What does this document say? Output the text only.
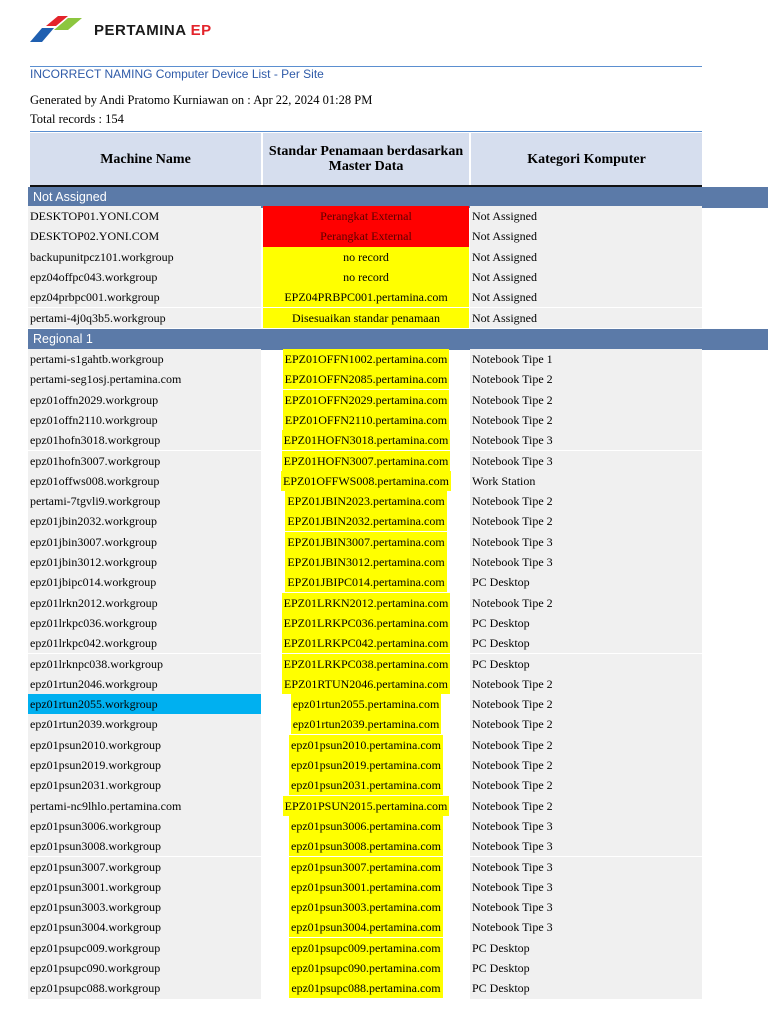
PERTAMINA EP
INCORRECT NAMING Computer Device List - Per Site
Generated by Andi Pratomo Kurniawan on : Apr 22, 2024 01:28 PM
Total records : 154
Machine Name	Standar Penamaan berdasarkan Master Data	Kategori Komputer
Not Assigned
DESKTOP01.YONI.COM	Perangkat External	Not Assigned
DESKTOP02.YONI.COM	Perangkat External	Not Assigned
backupunitpcz101.workgroup	no record	Not Assigned
epz04offpc043.workgroup	no record	Not Assigned
epz04prbpc001.workgroup	EPZ04PRBPC001.pertamina.com	Not Assigned
pertami-4j0q3b5.workgroup	Disesuaikan standar penamaan	Not Assigned
Regional 1
pertami-s1gahtb.workgroup	EPZ01OFFN1002.pertamina.com	Notebook Tipe 1
pertami-seg1osj.pertamina.com	EPZ01OFFN2085.pertamina.com	Notebook Tipe 2
epz01offn2029.workgroup	EPZ01OFFN2029.pertamina.com	Notebook Tipe 2
epz01offn2110.workgroup	EPZ01OFFN2110.pertamina.com	Notebook Tipe 2
epz01hofn3018.workgroup	EPZ01HOFN3018.pertamina.com	Notebook Tipe 3
epz01hofn3007.workgroup	EPZ01HOFN3007.pertamina.com	Notebook Tipe 3
epz01offws008.workgroup	EPZ01OFFWS008.pertamina.com	Work Station
pertami-7tgvli9.workgroup	EPZ01JBIN2023.pertamina.com	Notebook Tipe 2
epz01jbin2032.workgroup	EPZ01JBIN2032.pertamina.com	Notebook Tipe 2
epz01jbin3007.workgroup	EPZ01JBIN3007.pertamina.com	Notebook Tipe 3
epz01jbin3012.workgroup	EPZ01JBIN3012.pertamina.com	Notebook Tipe 3
epz01jbipc014.workgroup	EPZ01JBIPC014.pertamina.com	PC Desktop
epz01lrkn2012.workgroup	EPZ01LRKN2012.pertamina.com	Notebook Tipe 2
epz01lrkpc036.workgroup	EPZ01LRKPC036.pertamina.com	PC Desktop
epz01lrkpc042.workgroup	EPZ01LRKPC042.pertamina.com	PC Desktop
epz01lrknpc038.workgroup	EPZ01LRKPC038.pertamina.com	PC Desktop
epz01rtun2046.workgroup	EPZ01RTUN2046.pertamina.com	Notebook Tipe 2
epz01rtun2055.workgroup	epz01rtun2055.pertamina.com	Notebook Tipe 2
epz01rtun2039.workgroup	epz01rtun2039.pertamina.com	Notebook Tipe 2
epz01psun2010.workgroup	epz01psun2010.pertamina.com	Notebook Tipe 2
epz01psun2019.workgroup	epz01psun2019.pertamina.com	Notebook Tipe 2
epz01psun2031.workgroup	epz01psun2031.pertamina.com	Notebook Tipe 2
pertami-nc9lhlo.pertamina.com	EPZ01PSUN2015.pertamina.com	Notebook Tipe 2
epz01psun3006.workgroup	epz01psun3006.pertamina.com	Notebook Tipe 3
epz01psun3008.workgroup	epz01psun3008.pertamina.com	Notebook Tipe 3
epz01psun3007.workgroup	epz01psun3007.pertamina.com	Notebook Tipe 3
epz01psun3001.workgroup	epz01psun3001.pertamina.com	Notebook Tipe 3
epz01psun3003.workgroup	epz01psun3003.pertamina.com	Notebook Tipe 3
epz01psun3004.workgroup	epz01psun3004.pertamina.com	Notebook Tipe 3
epz01psupc009.workgroup	epz01psupc009.pertamina.com	PC Desktop
epz01psupc090.workgroup	epz01psupc090.pertamina.com	PC Desktop
epz01psupc088.workgroup	epz01psupc088.pertamina.com	PC Desktop
